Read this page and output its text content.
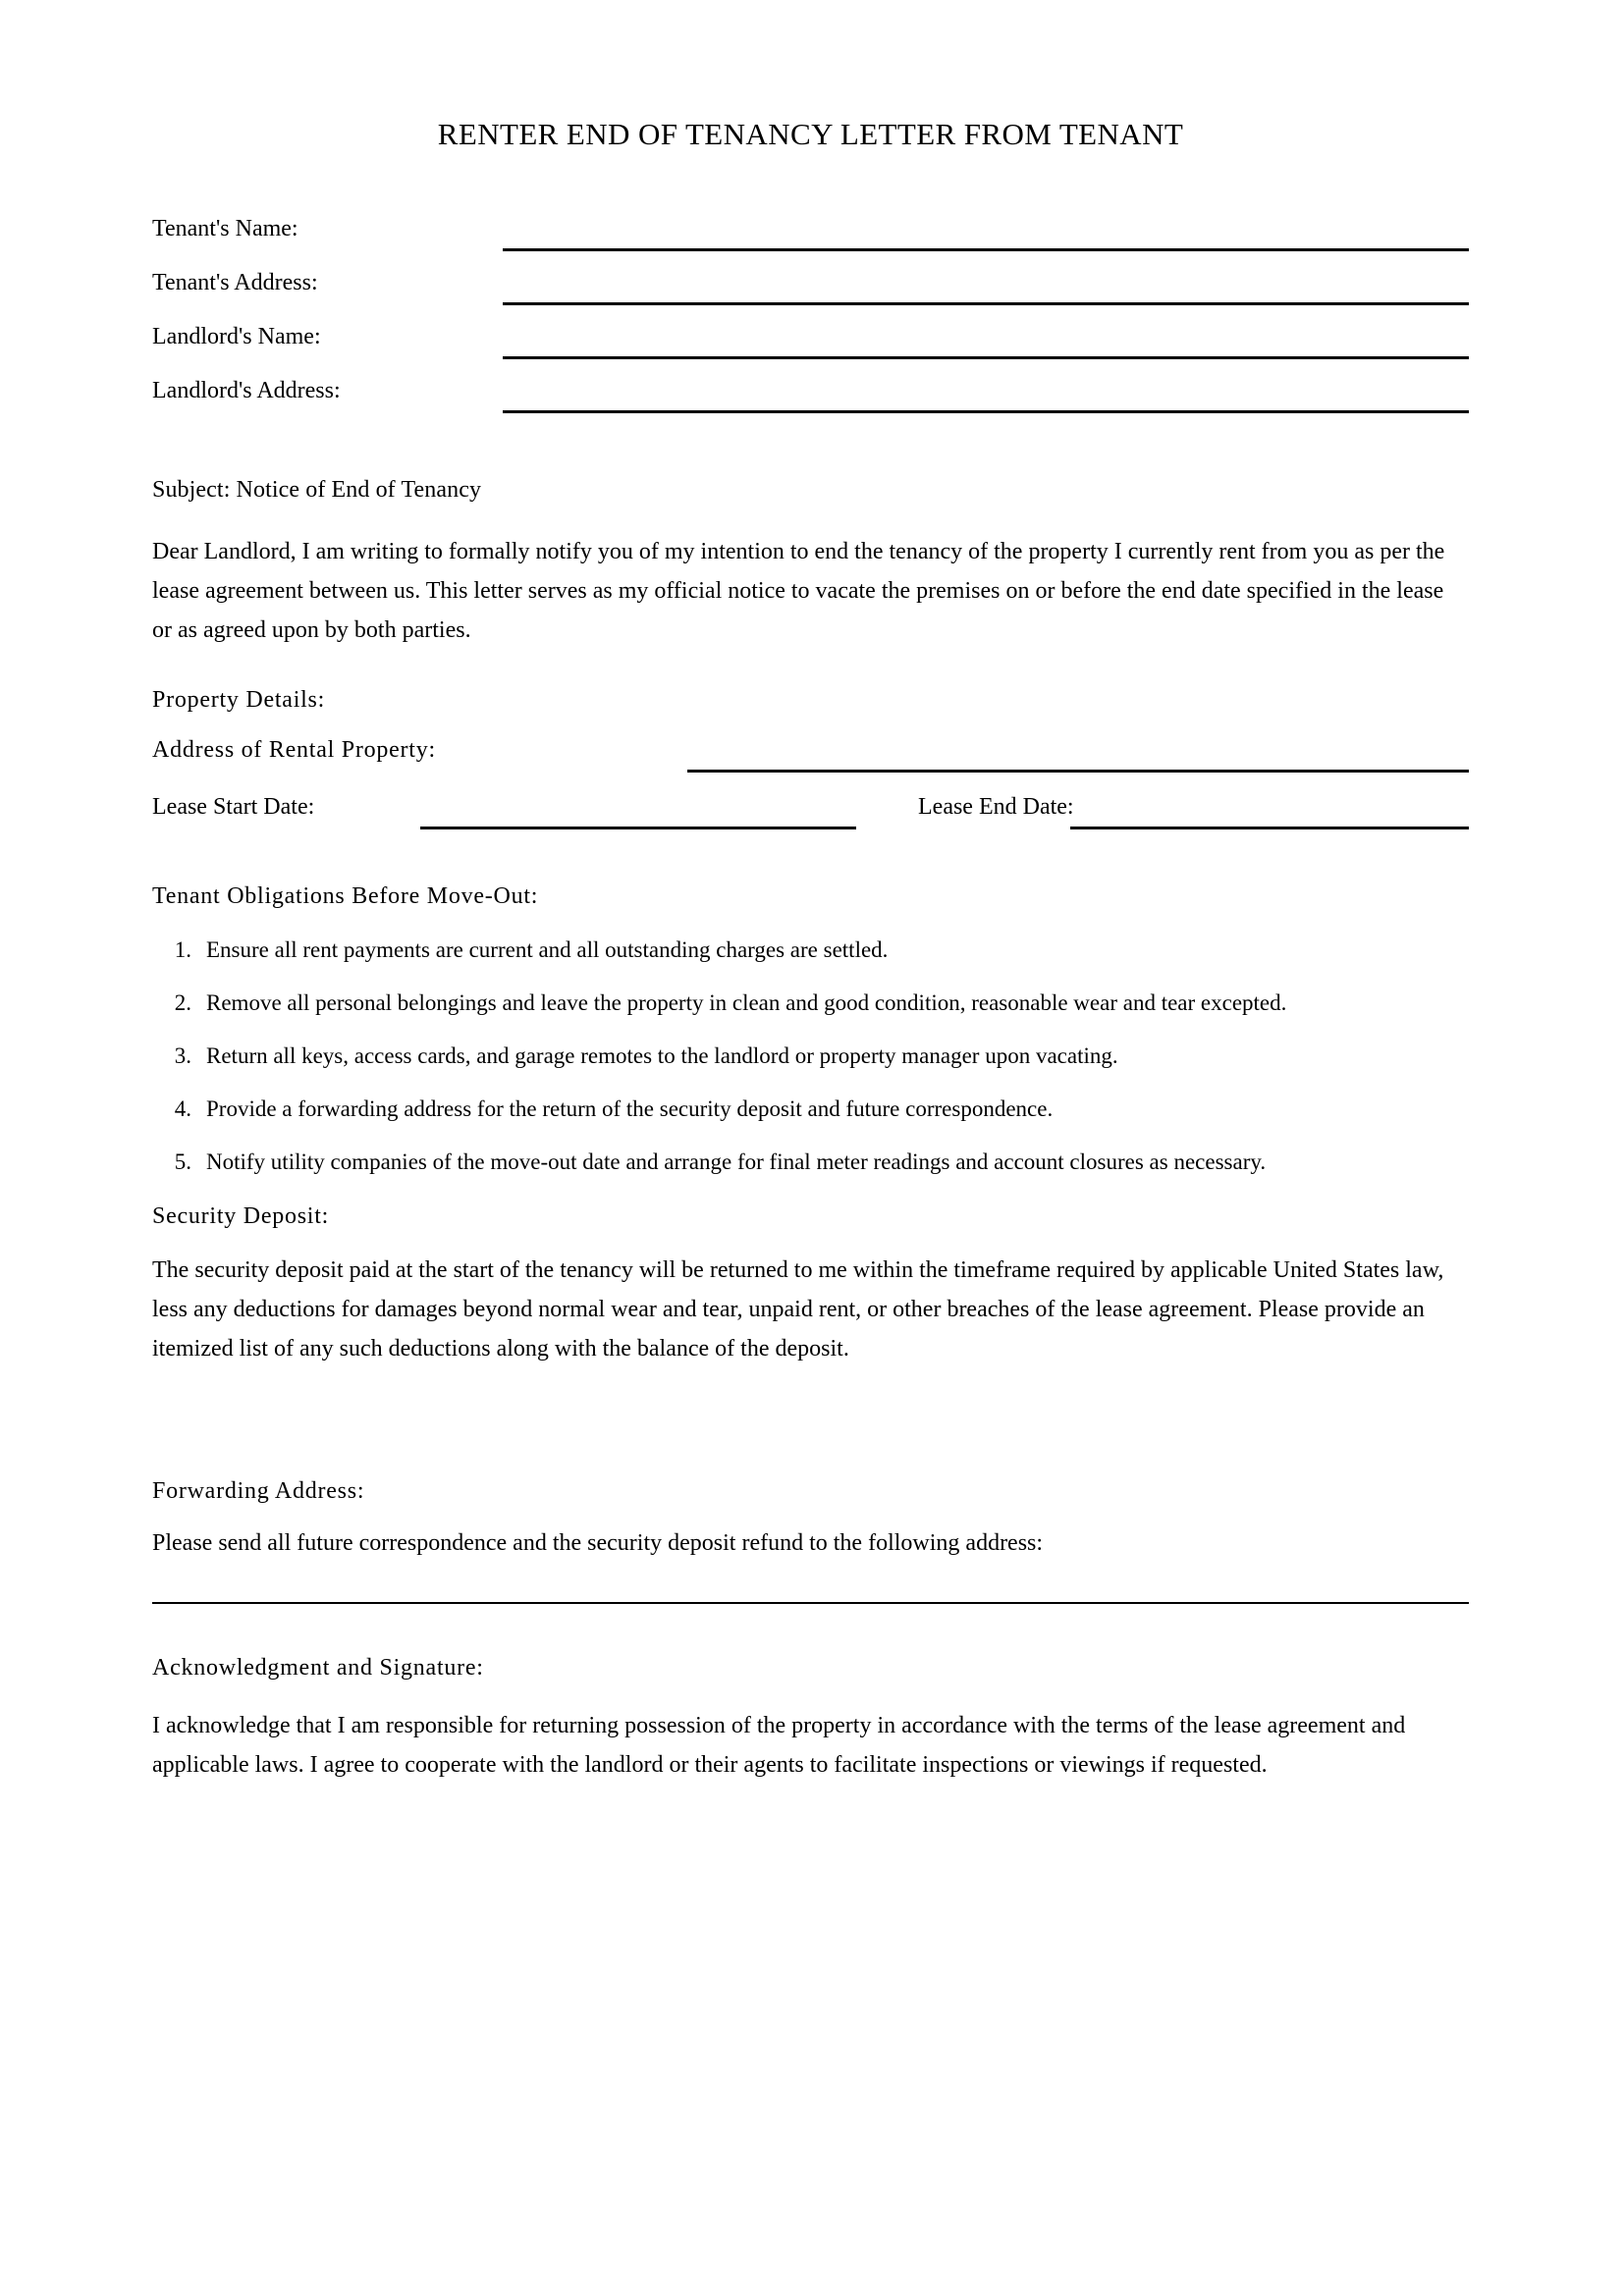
RENTER END OF TENANCY LETTER FROM TENANT
Tenant's Name:
Tenant's Address:
Landlord's Name:
Landlord's Address:
Subject: Notice of End of Tenancy

Dear Landlord, I am writing to formally notify you of my intention to end the tenancy of the property I currently rent from you as per the lease agreement between us. This letter serves as my official notice to vacate the premises on or before the end date specified in the lease or as agreed upon by both parties.

Property Details:
Address of Rental Property:
Lease Start Date:	Lease End Date:
Tenant Obligations Before Move-Out:
1. Ensure all rent payments are current and all outstanding charges are settled.
2. Remove all personal belongings and leave the property in clean and good condition, reasonable wear and tear excepted.
3. Return all keys, access cards, and garage remotes to the landlord or property manager upon vacating.
4. Provide a forwarding address for the return of the security deposit and future correspondence.
5. Notify utility companies of the move-out date and arrange for final meter readings and account closures as necessary.
Security Deposit:

The security deposit paid at the start of the tenancy will be returned to me within the timeframe required by applicable United States law, less any deductions for damages beyond normal wear and tear, unpaid rent, or other breaches of the lease agreement. Please provide an itemized list of any such deductions along with the balance of the deposit.

Forwarding Address:

Please send all future correspondence and the security deposit refund to the following address:

Acknowledgment and Signature:

I acknowledge that I am responsible for returning possession of the property in accordance with the terms of the lease agreement and applicable laws. I agree to cooperate with the landlord or their agents to facilitate inspections or viewings if requested.
